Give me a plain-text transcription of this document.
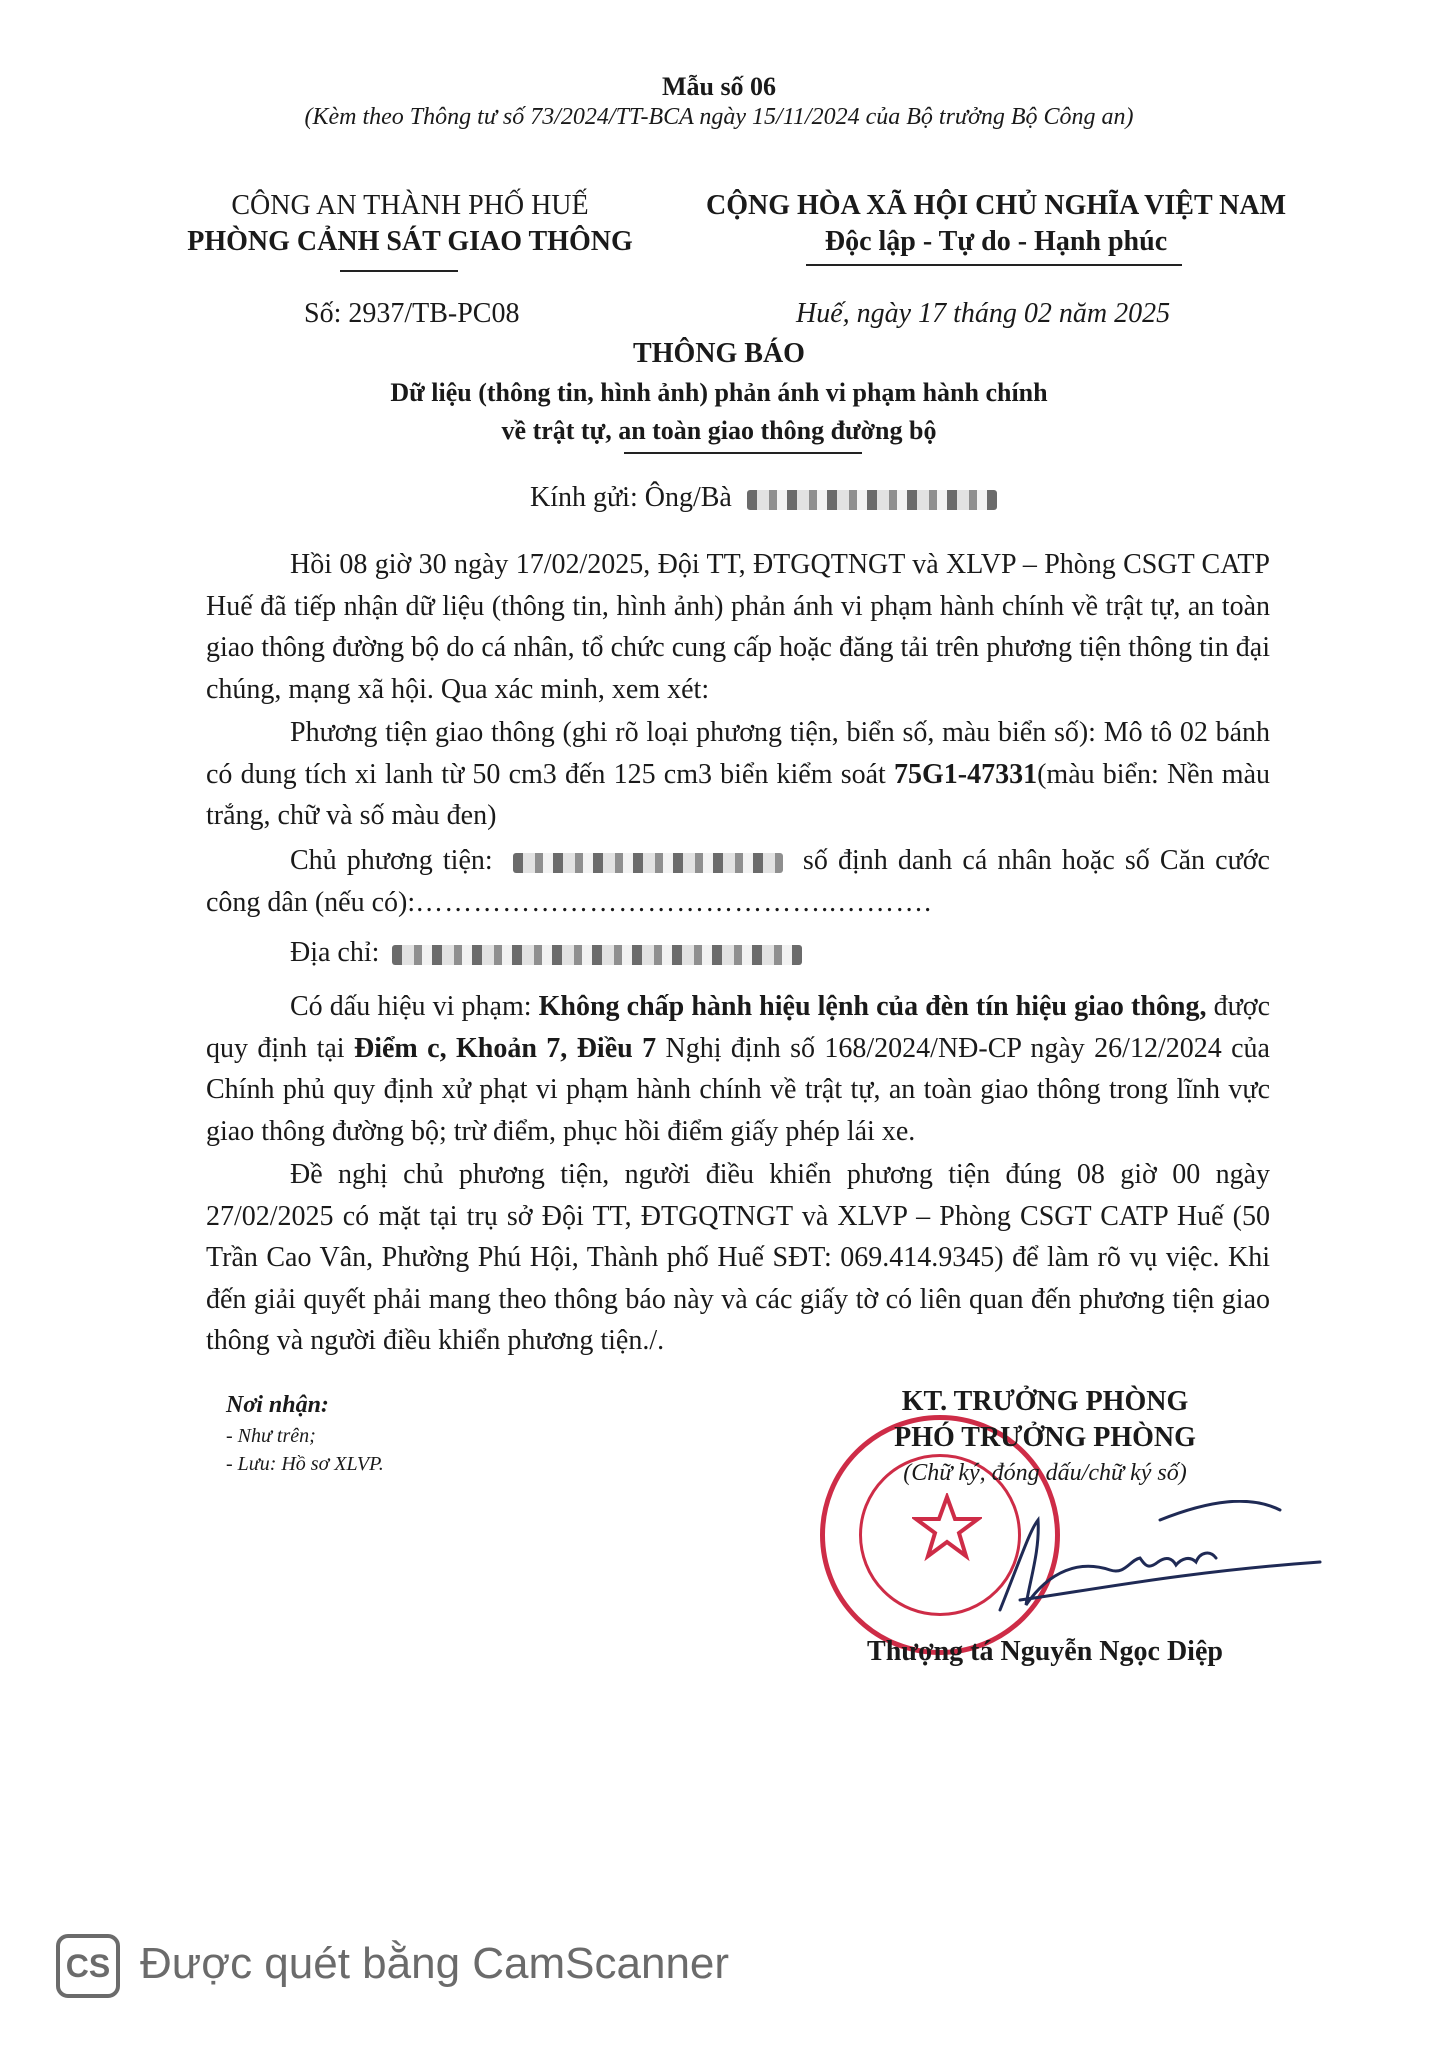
Mẫu số 06
(Kèm theo Thông tư số 73/2024/TT-BCA ngày 15/11/2024 của Bộ trưởng Bộ Công an)
CÔNG AN THÀNH PHỐ HUẾ
PHÒNG CẢNH SÁT GIAO THÔNG
CỘNG HÒA XÃ HỘI CHỦ NGHĨA VIỆT NAM
Độc lập - Tự do - Hạnh phúc
Số: 2937/TB-PC08	Huế, ngày 17 tháng 02 năm 2025
THÔNG BÁO
Dữ liệu (thông tin, hình ảnh) phản ánh vi phạm hành chính
về trật tự, an toàn giao thông đường bộ
Kính gửi: Ông/Bà
Hồi 08 giờ 30 ngày 17/02/2025, Đội TT, ĐTGQTNGT và XLVP – Phòng CSGT CATP Huế đã tiếp nhận dữ liệu (thông tin, hình ảnh) phản ánh vi phạm hành chính về trật tự, an toàn giao thông đường bộ do cá nhân, tổ chức cung cấp hoặc đăng tải trên phương tiện thông tin đại chúng, mạng xã hội. Qua xác minh, xem xét:
Phương tiện giao thông (ghi rõ loại phương tiện, biển số, màu biển số): Mô tô 02 bánh có dung tích xi lanh từ 50 cm3 đến 125 cm3 biển kiểm soát 75G1-47331(màu biển: Nền màu trắng, chữ và số màu đen)
Chủ phương tiện:	số định danh cá nhân hoặc số Căn cước công dân (nếu có):……………………………………..……….
Địa chỉ:
Có dấu hiệu vi phạm: Không chấp hành hiệu lệnh của đèn tín hiệu giao thông, được quy định tại Điểm c, Khoản 7, Điều 7 Nghị định số 168/2024/NĐ-CP ngày 26/12/2024 của Chính phủ quy định xử phạt vi phạm hành chính về trật tự, an toàn giao thông trong lĩnh vực giao thông đường bộ; trừ điểm, phục hồi điểm giấy phép lái xe.
Đề nghị chủ phương tiện, người điều khiển phương tiện đúng 08 giờ 00 ngày 27/02/2025 có mặt tại trụ sở Đội TT, ĐTGQTNGT và XLVP – Phòng CSGT CATP Huế (50 Trần Cao Vân, Phường Phú Hội, Thành phố Huế SĐT: 069.414.9345) để làm rõ vụ việc. Khi đến giải quyết phải mang theo thông báo này và các giấy tờ có liên quan đến phương tiện giao thông và người điều khiển phương tiện./.
Nơi nhận:
- Như trên;
- Lưu: Hồ sơ XLVP.
KT. TRƯỞNG PHÒNG
PHÓ TRƯỞNG PHÒNG
(Chữ ký, đóng dấu/chữ ký số)
Thượng tá Nguyễn Ngọc Diệp
CS Được quét bằng CamScanner
